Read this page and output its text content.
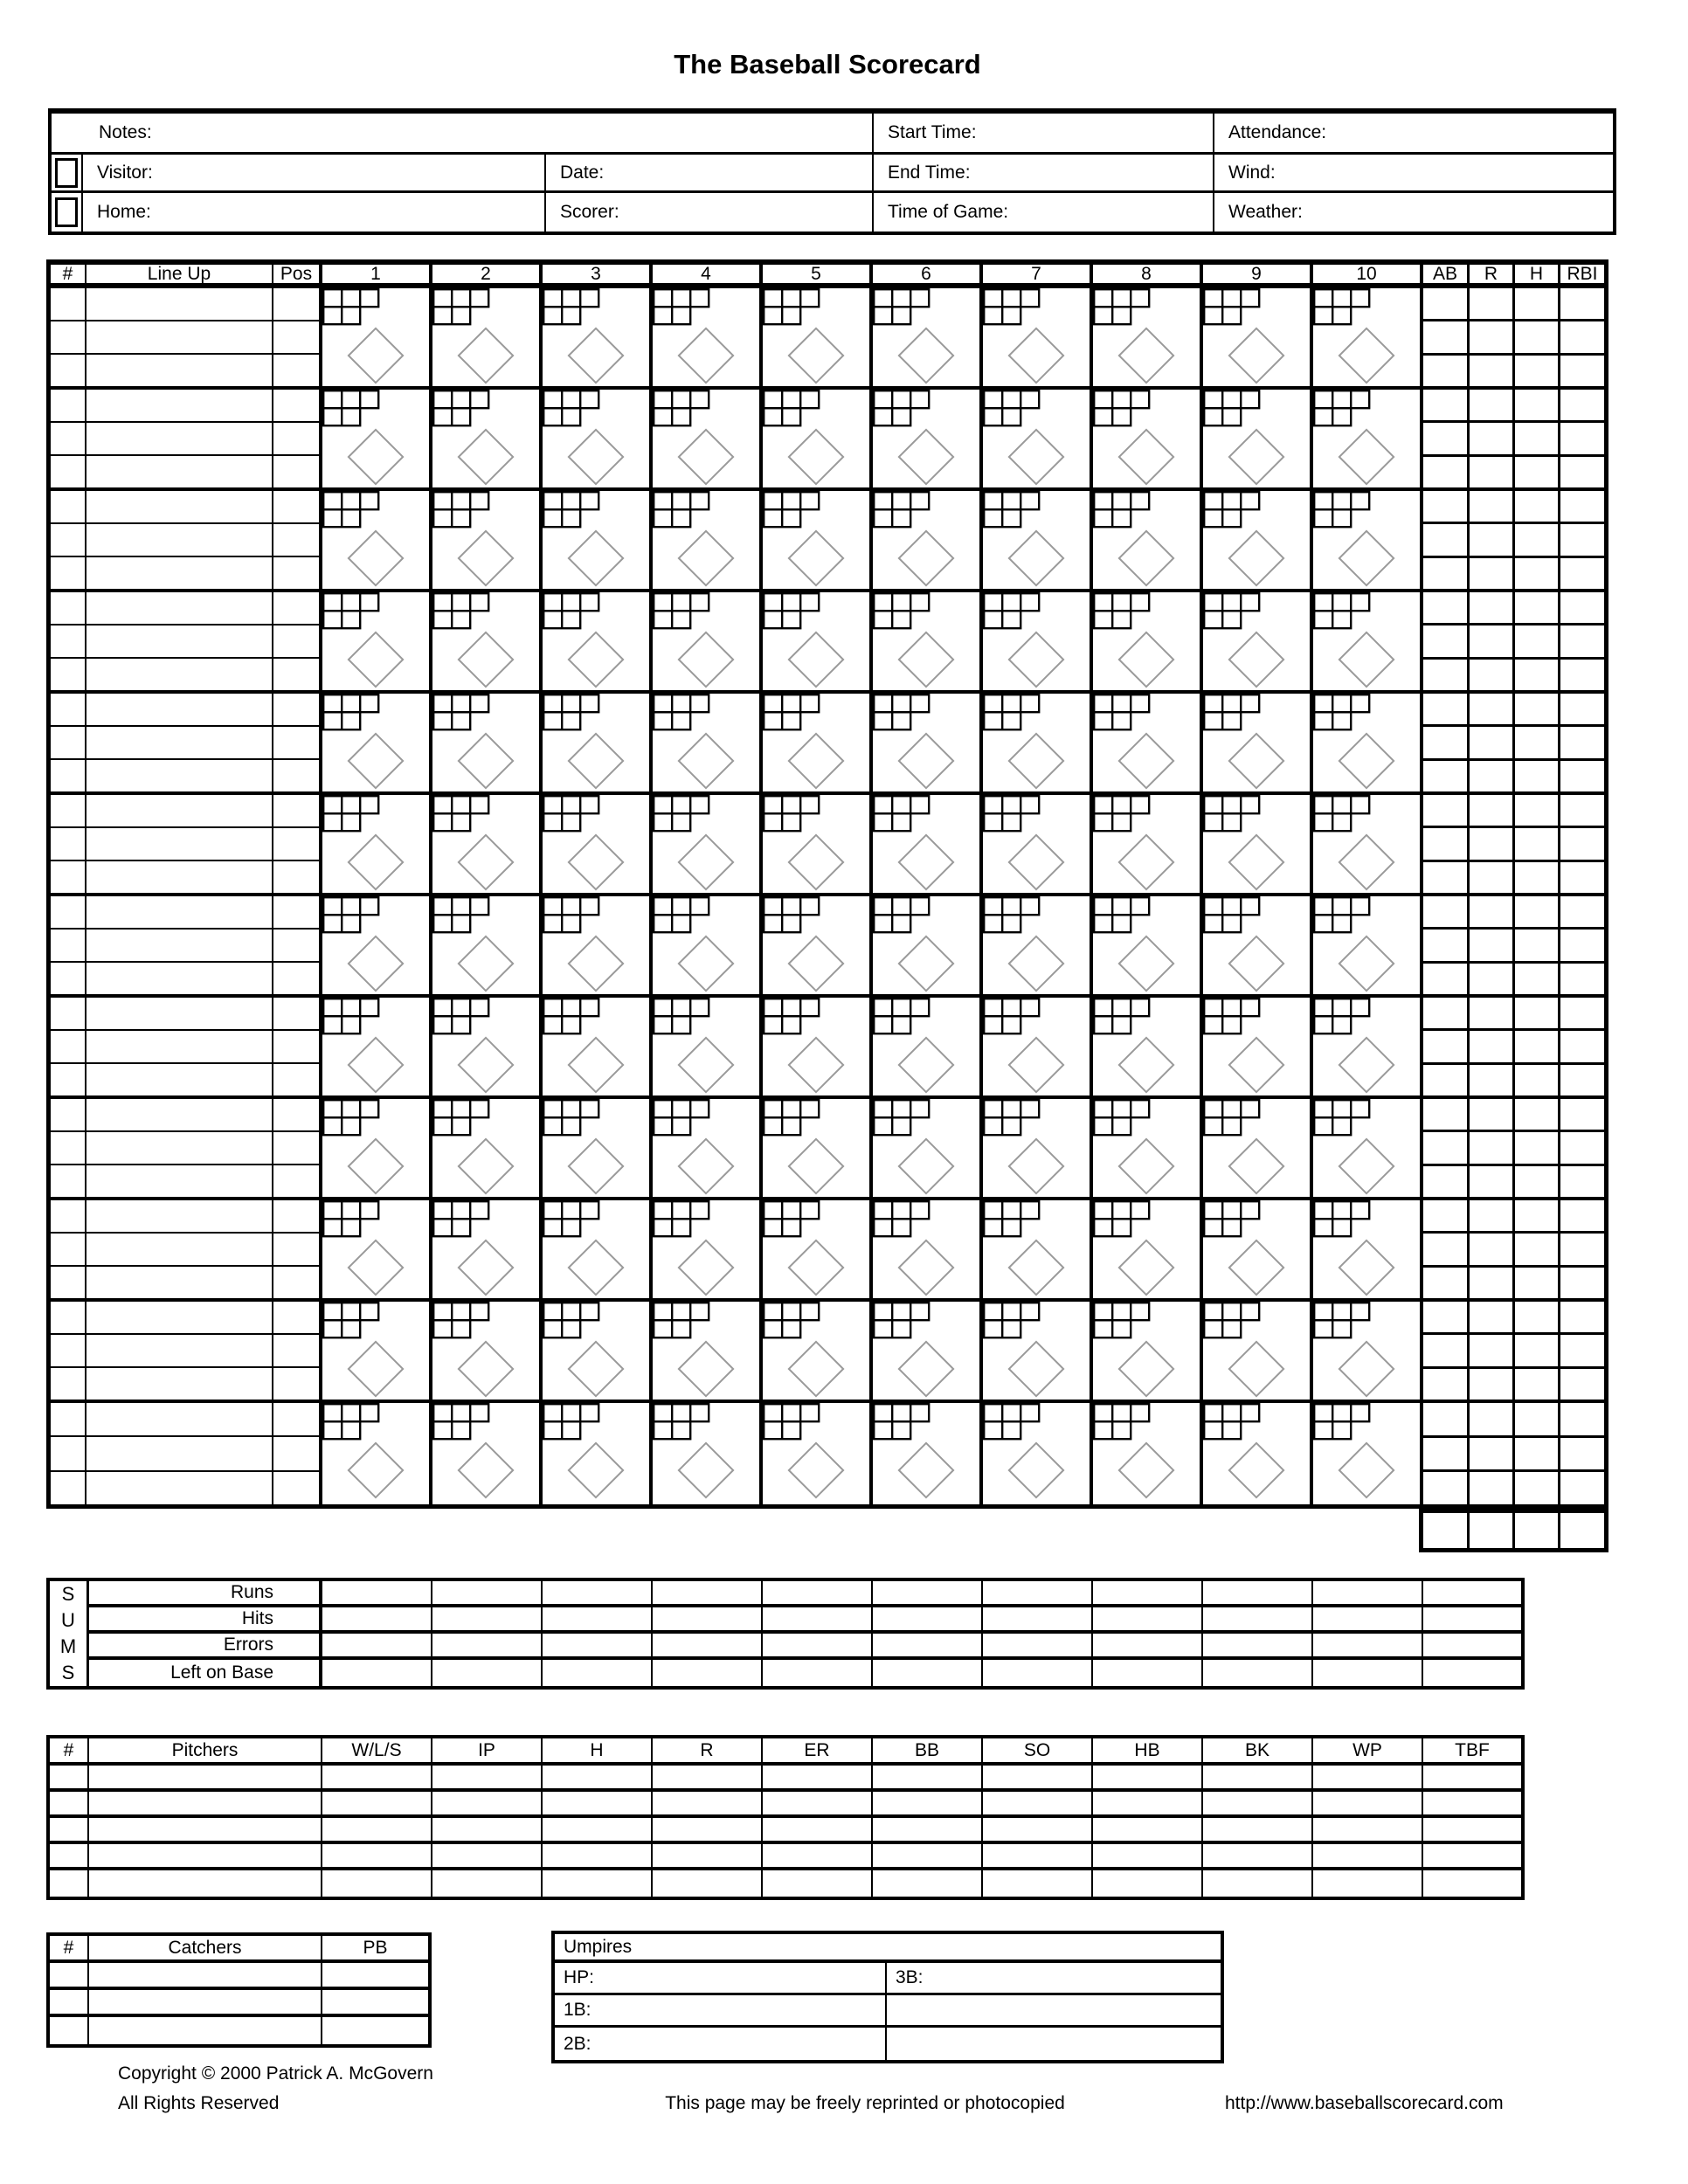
The Baseball Scorecard
Notes:	Start Time:	Attendance:
Visitor:	Date:	End Time:	Wind:
Home:	Scorer:	Time of Game:	Weather:
#	Line Up	Pos	1	2	3	4	5	6	7	8	9	10	AB	R	H	RBI
S
U
M
S
Runs
Hits
Errors
Left on Base
#	Pitchers	W/L/S	IP	H	R	ER	BB	SO	HB	BK	WP	TBF
#	Catchers	PB	Umpires
HP:	3B:
1B:
2B:
Copyright © 2000 Patrick A. McGovern
All Rights Reserved	This page may be freely reprinted or photocopied	http://www.baseballscorecard.com
